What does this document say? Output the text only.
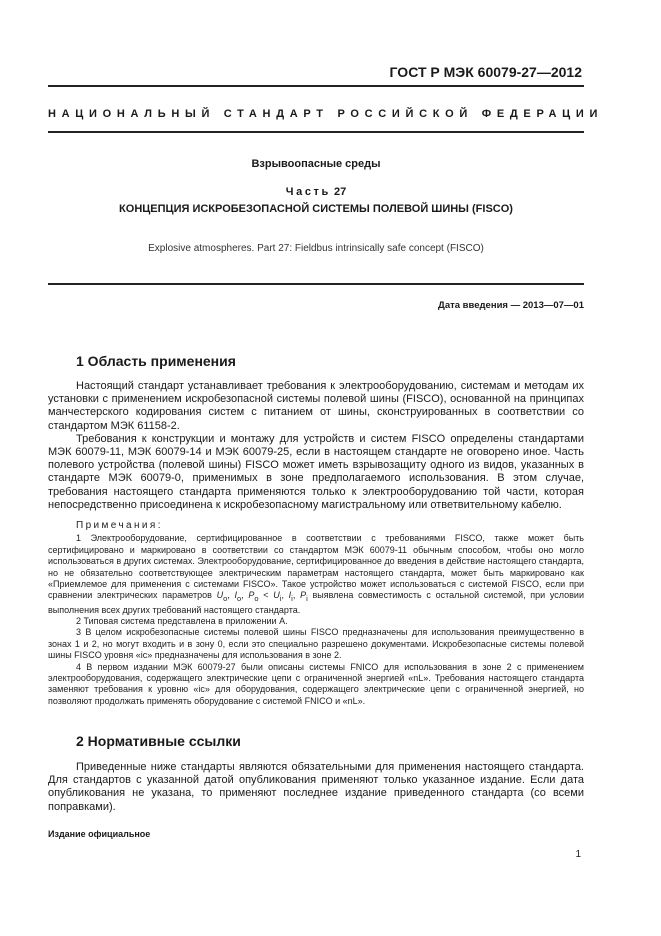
ГОСТ Р МЭК 60079-27—2012
НАЦИОНАЛЬНЫЙ СТАНДАРТ РОССИЙСКОЙ ФЕДЕРАЦИИ
Взрывоопасные среды
Часть 27
КОНЦЕПЦИЯ ИСКРОБЕЗОПАСНОЙ СИСТЕМЫ ПОЛЕВОЙ ШИНЫ (FISCO)
Explosive atmospheres. Part 27: Fieldbus intrinsically safe concept (FISCO)
Дата введения — 2013—07—01
1 Область применения

Настоящий стандарт устанавливает требования к электрооборудованию, системам и методам их установки с применением искробезопасной системы полевой шины (FISCO), основанной на принципах манчестерского кодирования систем с питанием от шины, сконструированных в соответствии со стандартом МЭК 61158-2.

Требования к конструкции и монтажу для устройств и систем FISCO определены стандартами МЭК 60079-11, МЭК 60079-14 и МЭК 60079-25, если в настоящем стандарте не оговорено иное. Часть полевого устройства (полевой шины) FISCO может иметь взрывозащиту одного из видов, указанных в стандарте МЭК 60079-0, применимых в зоне предполагаемого использования. В этом случае, требования настоящего стандарта применяются только к электрооборудованию той части, которая непосредственно присоединена к искробезопасному магистральному или ответвительному кабелю.

Примечания:

1 Электрооборудование, сертифицированное в соответствии с требованиями FISCO, также может быть сертифицировано и маркировано в соответствии со стандартом МЭК 60079-11 обычным способом, чтобы оно могло использоваться в других системах. Электрооборудование, сертифицированное до введения в действие настоящего стандарта, но не обязательно соответствующее электрическим параметрам настоящего стандарта, может быть маркировано как «Приемлемое для применения с системами FISCO». Такое устройство может использоваться с системой FISCO, если при сравнении электрических параметров $U_o$, $I_o$, $P_o < U_i$, $I_i$, $P_i$ выявлена совместимость с остальной системой, при условии выполнения всех других требований настоящего стандарта.

2 Типовая система представлена в приложении А.

3 В целом искробезопасные системы полевой шины FISCO предназначены для использования преимущественно в зонах 1 и 2, но могут входить и в зону 0, если это специально разрешено документами. Искробезопасные системы полевой шины FISCO уровня «ic» предназначены для использования в зоне 2.

4 В первом издании МЭК 60079-27 были описаны системы FNICO для использования в зоне 2 с применением электрооборудования, содержащего электрические цепи с ограниченной энергией «nL». Требования настоящего стандарта заменяют требования к уровню «ic» для оборудования, содержащего электрические цепи с ограниченной энергией, но позволяют продолжать применять оборудование с системой FNICO и «nL».

2 Нормативные ссылки

Приведенные ниже стандарты являются обязательными для применения настоящего стандарта. Для стандартов с указанной датой опубликования применяют только указанное издание. Если дата опубликования не указана, то применяют последнее издание приведенного стандарта (со всеми поправками).

Издание официальное
1
